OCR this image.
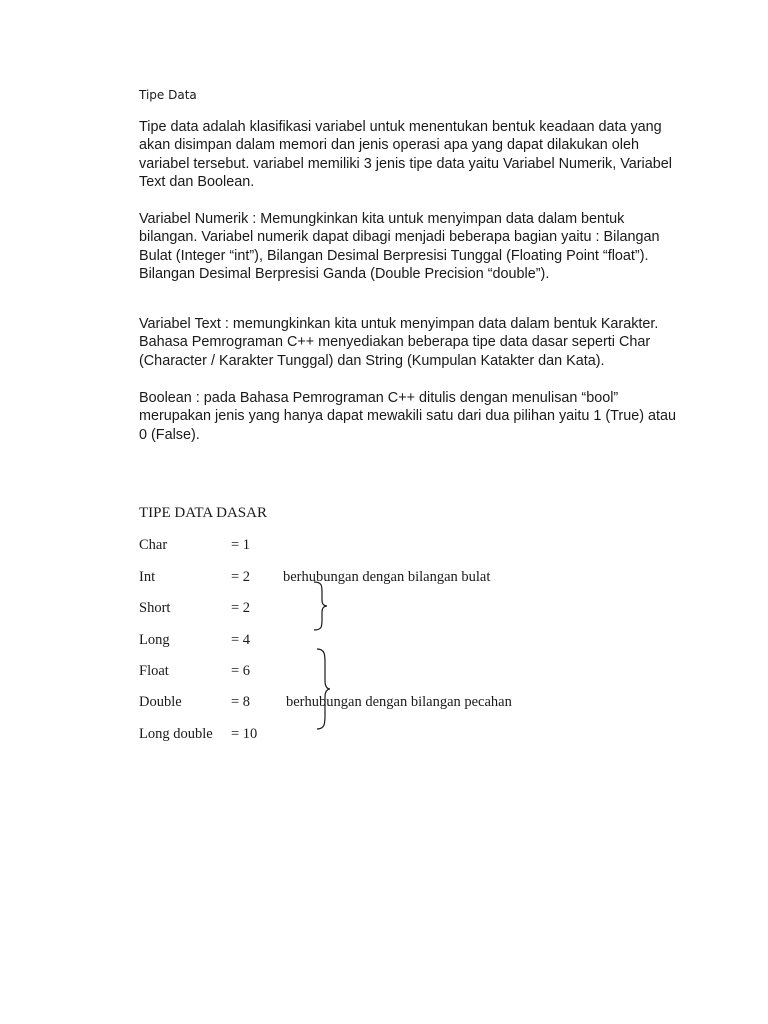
Tipe Data

Tipe data adalah klasifikasi variabel untuk menentukan bentuk keadaan data yang akan disimpan dalam memori dan jenis operasi apa yang dapat dilakukan oleh variabel tersebut. variabel memiliki 3 jenis tipe data yaitu Variabel Numerik, Variabel Text dan Boolean.

Variabel Numerik : Memungkinkan kita untuk menyimpan data dalam bentuk bilangan. Variabel numerik dapat dibagi menjadi beberapa bagian yaitu : Bilangan Bulat (Integer “int”), Bilangan Desimal Berpresisi Tunggal (Floating Point “float”). Bilangan Desimal Berpresisi Ganda (Double Precision “double”).

Variabel Text : memungkinkan kita untuk menyimpan data dalam bentuk Karakter. Bahasa Pemrograman C++ menyediakan beberapa tipe data dasar seperti Char (Character / Karakter Tunggal) dan String (Kumpulan Katakter dan Kata).

Boolean : pada Bahasa Pemrograman C++ ditulis dengan menulisan “bool” merupakan jenis yang hanya dapat mewakili satu dari dua pilihan yaitu 1 (True) atau 0 (False).

TIPE DATA DASAR
Char	= 1
Int	= 2
Short	= 2
Long	= 4
Float	= 6
Double	= 8
Long double = 10
berhubungan dengan bilangan bulat
berhubungan dengan bilangan pecahan
